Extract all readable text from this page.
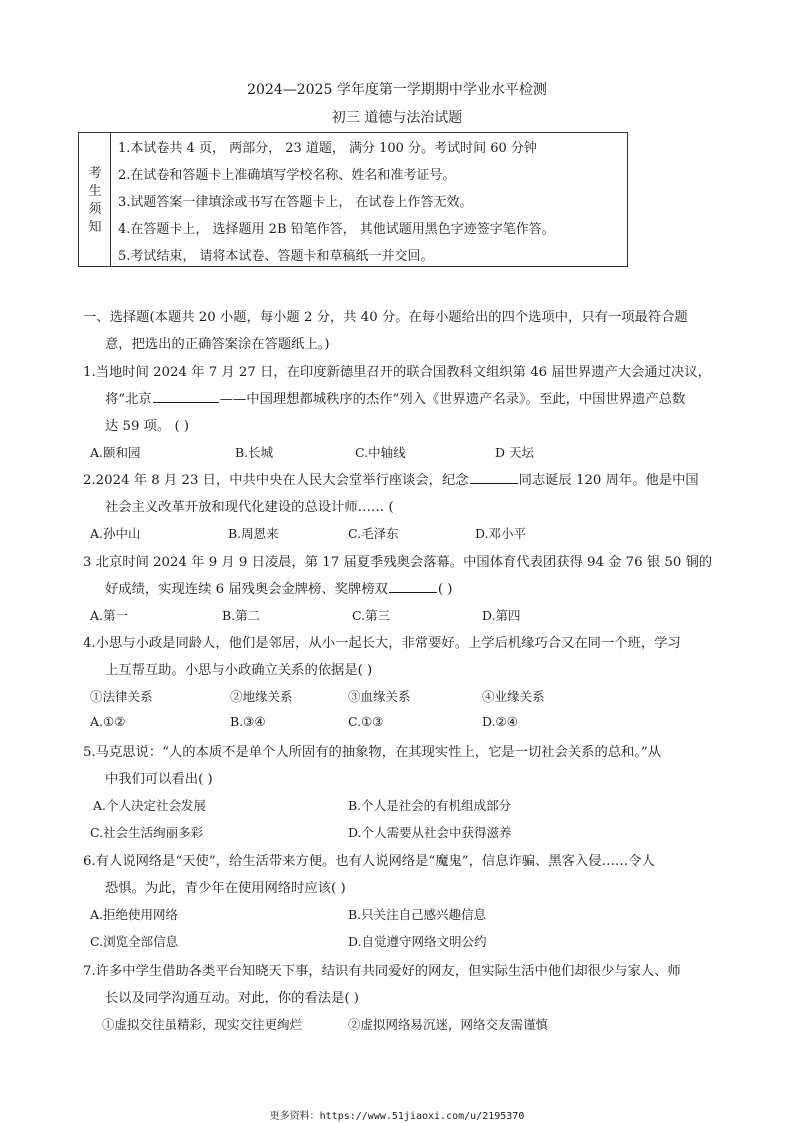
2024—2025 学年度第一学期期中学业水平检测
初三 道德与法治试题
考生须知
1.本试卷共 4 页， 两部分， 23 道题， 满分 100 分。考试时间 60 分钟
2.在试卷和答题卡上准确填写学校名称、姓名和准考证号。
3.试题答案一律填涂或书写在答题卡上， 在试卷上作答无效。
4.在答题卡上， 选择题用 2B 铅笔作答， 其他试题用黑色字迹签字笔作答。
5.考试结束， 请将本试卷、答题卡和草稿纸一并交回。
一、选择题(本题共 20 小题，每小题 2 分，共 40 分。在每小题给出的四个选项中，只有一项最符合题
意，把选出的正确答案涂在答题纸上。)
1.当地时间 2024 年 7 月 27 日，在印度新德里召开的联合国教科文组织第 46 届世界遗产大会通过决议，
将“北京	——中国理想都城秩序的杰作”列入《世界遗产名录》。至此，中国世界遗产总数
达 59 项。 ( )
A.颐和园	B.长城	C.中轴线	D 天坛
2.2024 年 8 月 23 日，中共中央在人民大会堂举行座谈会，纪念	同志诞辰 120 周年。他是中国
社会主义改革开放和现代化建设的总设计师…… (
A.孙中山	B.周恩来	C.毛泽东	D.邓小平
3 北京时间 2024 年 9 月 9 日凌晨，第 17 届夏季残奥会落幕。中国体育代表团获得 94 金 76 银 50 铜的
好成绩，实现连续 6 届残奥会金牌榜、奖牌榜双	( )
A.第一	B.第二	C.第三	D.第四
4.小思与小政是同龄人，他们是邻居，从小一起长大，非常要好。上学后机缘巧合又在同一个班，学习
上互帮互助。小思与小政确立关系的依据是( )
①法律关系	②地缘关系	③血缘关系	④业缘关系
A.①②	B.③④	C.①③	D.②④
5.马克思说：“人的本质不是单个人所固有的抽象物，在其现实性上，它是一切社会关系的总和。”从
中我们可以看出( )
A.个人决定社会发展	B.个人是社会的有机组成部分
C.社会生活绚丽多彩	D.个人需要从社会中获得滋养
6.有人说网络是“天使”，给生活带来方便。也有人说网络是“魔鬼”，信息诈骗、黑客入侵……令人
恐惧。为此，青少年在使用网络时应该( )
A.拒绝使用网络	B.只关注自己感兴趣信息
C.浏览全部信息	D.自觉遵守网络文明公约
7.许多中学生借助各类平台知晓天下事，结识有共同爱好的网友，但实际生活中他们却很少与家人、师
长以及同学沟通互动。对此，你的看法是( )
①虚拟交往虽精彩，现实交往更绚烂	②虚拟网络易沉迷，网络交友需谨慎
更多资料：https://www.51jiaoxi.com/u/2195370
